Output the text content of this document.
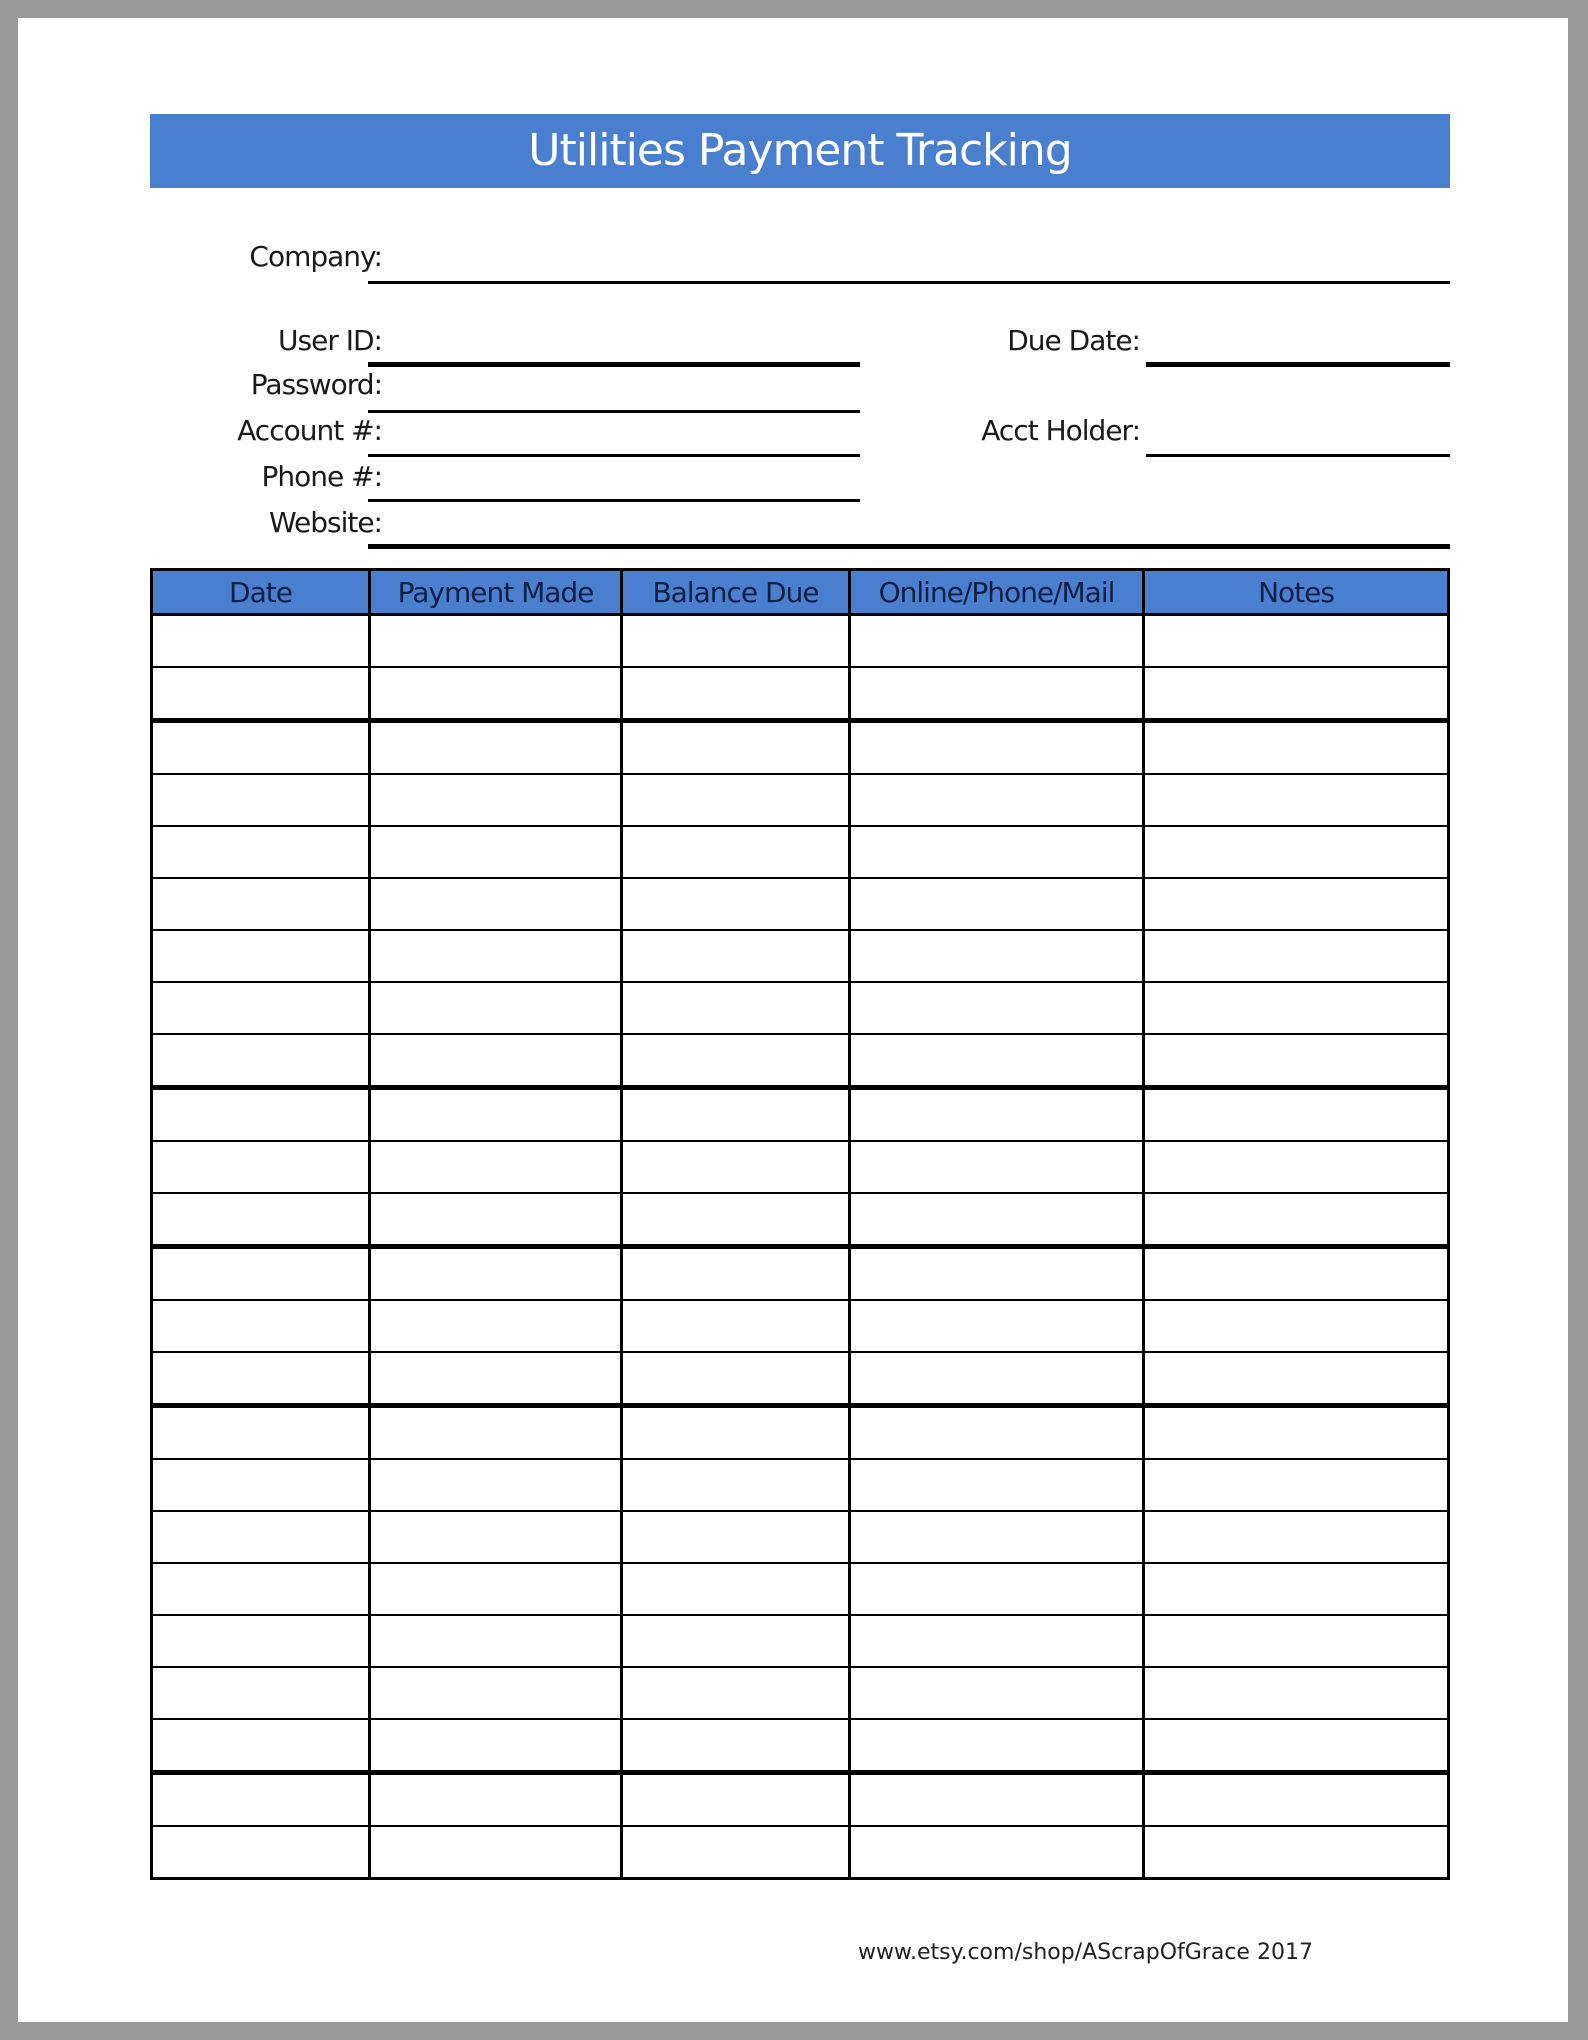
Utilities Payment Tracking
Company:
User ID:
Password:
Account #:
Phone #:
Website:
Due Date:
Acct Holder:
Date	Payment Made	Balance Due	Online/Phone/Mail	Notes

www.etsy.com/shop/AScrapOfGrace 2017
